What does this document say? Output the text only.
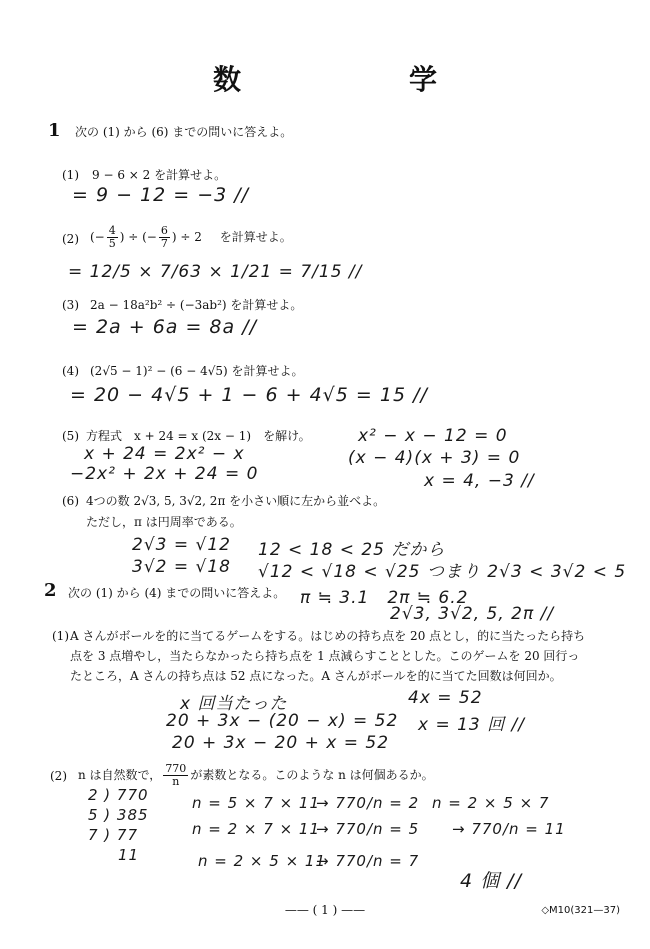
数　学
1 次の (1) から (6) までの問いに答えよ。
(1) 9 − 6 × 2 を計算せよ。
= 9 − 12 = −3 //
(2) (− $\frac{4}{5}$ ) ÷ (− $\frac{6}{7}$ ) ÷ 2 を計算せよ。
= 12/5 × 7/63 × 1/21 = 7/15 //
(3) 2a − 18a²b² ÷ (−3ab²) を計算せよ。
= 2a + 6a = 8a //
(4) (2√5 − 1)² − (6 − 4√5) を計算せよ。
= 20 − 4√5 + 1 − 6 + 4√5 = 15 //
(5) 方程式　x + 24 = x (2x − 1)　を解け。
x + 24 = 2x² − x
−2x² + 2x + 24 = 0
x² − x − 12 = 0
(x − 4)(x + 3) = 0
x = 4, −3 //
(6) 4つの数 2√3, 5, 3√2, 2π を小さい順に左から並べよ。
ただし，π は円周率である。
2√3 = √12
3√2 = √18
12 < 18 < 25 だから
√12 < √18 < √25 つまり 2√3 < 3√2 < 5
π ≒ 3.1　2π ≒ 6.2
2√3, 3√2, 5, 2π //
2 次の (1) から (4) までの問いに答えよ。
(1) A さんがボールを的に当てるゲームをする。はじめの持ち点を 20 点とし，的に当たったら持ち点を 3 点増やし，当たらなかったら持ち点を 1 点減らすこととした。このゲームを 20 回行ったところ，A さんの持ち点は 52 点になった。A さんがボールを的に当てた回数は何回か。
x 回当たった
20 + 3x − (20 − x) = 52
20 + 3x − 20 + x = 52
4x = 52
x = 13 回 //
(2) n は自然数で， $\frac{770}{n}$ が素数となる。このような n は何個あるか。
2 ) 770
5 ) 385
7 ) 77
11
n = 5 × 7 × 11
→ 770/n = 2
n = 2 × 7 × 11
→ 770/n = 5
n = 2 × 5 × 11
→ 770/n = 7
n = 2 × 5 × 7
→ 770/n = 11
4 個 //
—— ( 1 ) ——	◇M10(321—37)
